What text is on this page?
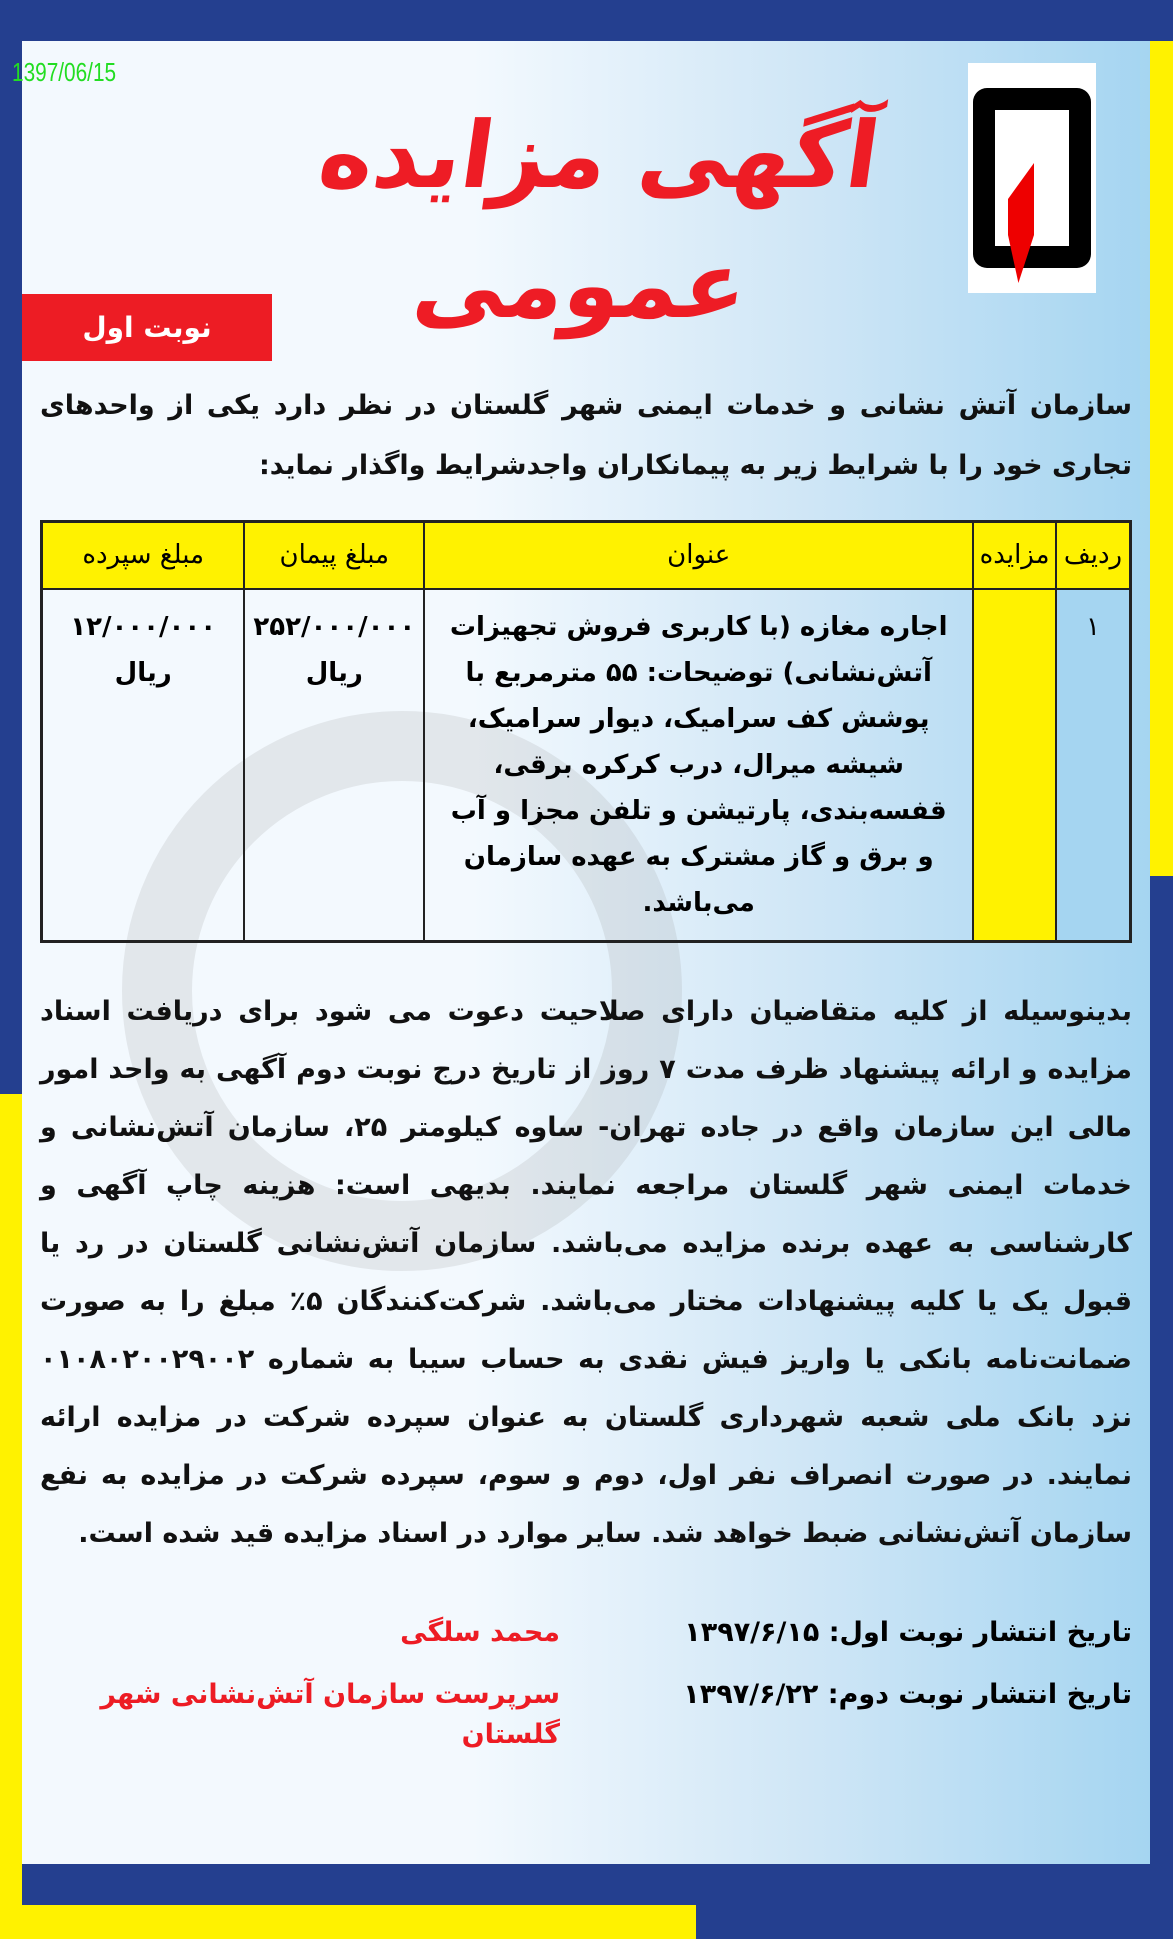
1397/06/15
آگهی مزایده عمومی
نوبت اول
سازمان آتش نشانی و خدمات ایمنی شهر گلستان در نظر دارد یکی از واحدهای تجاری خود را با شرایط زیر به پیمانکاران واجدشرایط واگذار نماید:
ردیف	مزایده	عنوان	مبلغ پیمان	مبلغ سپرده
۱		اجاره مغازه (با کاربری فروش تجهیزات آتش‌نشانی) توضیحات: ۵۵ مترمربع با پوشش کف سرامیک، دیوار سرامیک، شیشه میرال، درب کرکره برقی، قفسه‌بندی، پارتیشن و تلفن مجزا و آب و برق و گاز مشترک به عهده سازمان می‌باشد.	۲۵۲/۰۰۰/۰۰۰ ریال	۱۲/۰۰۰/۰۰۰ ریال
بدینوسیله از کلیه متقاضیان دارای صلاحیت دعوت می شود برای دریافت اسناد مزایده و ارائه پیشنهاد ظرف مدت ۷ روز از تاریخ درج نوبت دوم آگهی به واحد امور مالی این سازمان واقع در جاده تهران- ساوه کیلومتر ۲۵، سازمان آتش‌نشانی و خدمات ایمنی شهر گلستان مراجعه نمایند. بدیهی است: هزینه چاپ آگهی و کارشناسی به عهده برنده مزایده می‌باشد. سازمان آتش‌نشانی گلستان در رد یا قبول یک یا کلیه پیشنهادات مختار می‌باشد. شرکت‌کنندگان ۵٪ مبلغ را به صورت ضمانت‌نامه بانکی یا واریز فیش نقدی به حساب سیبا به شماره ۰۱۰۸۰۲۰۰۲۹۰۰۲ نزد بانک ملی شعبه شهرداری گلستان به عنوان سپرده شرکت در مزایده ارائه نمایند. در صورت انصراف نفر اول، دوم و سوم، سپرده شرکت در مزایده به نفع سازمان آتش‌نشانی ضبط خواهد شد. سایر موارد در اسناد مزایده قید شده است.
تاریخ انتشار نوبت اول: ۱۳۹۷/۶/۱۵
تاریخ انتشار نوبت دوم: ۱۳۹۷/۶/۲۲
محمد سلگی
سرپرست سازمان آتش‌نشانی شهر گلستان
